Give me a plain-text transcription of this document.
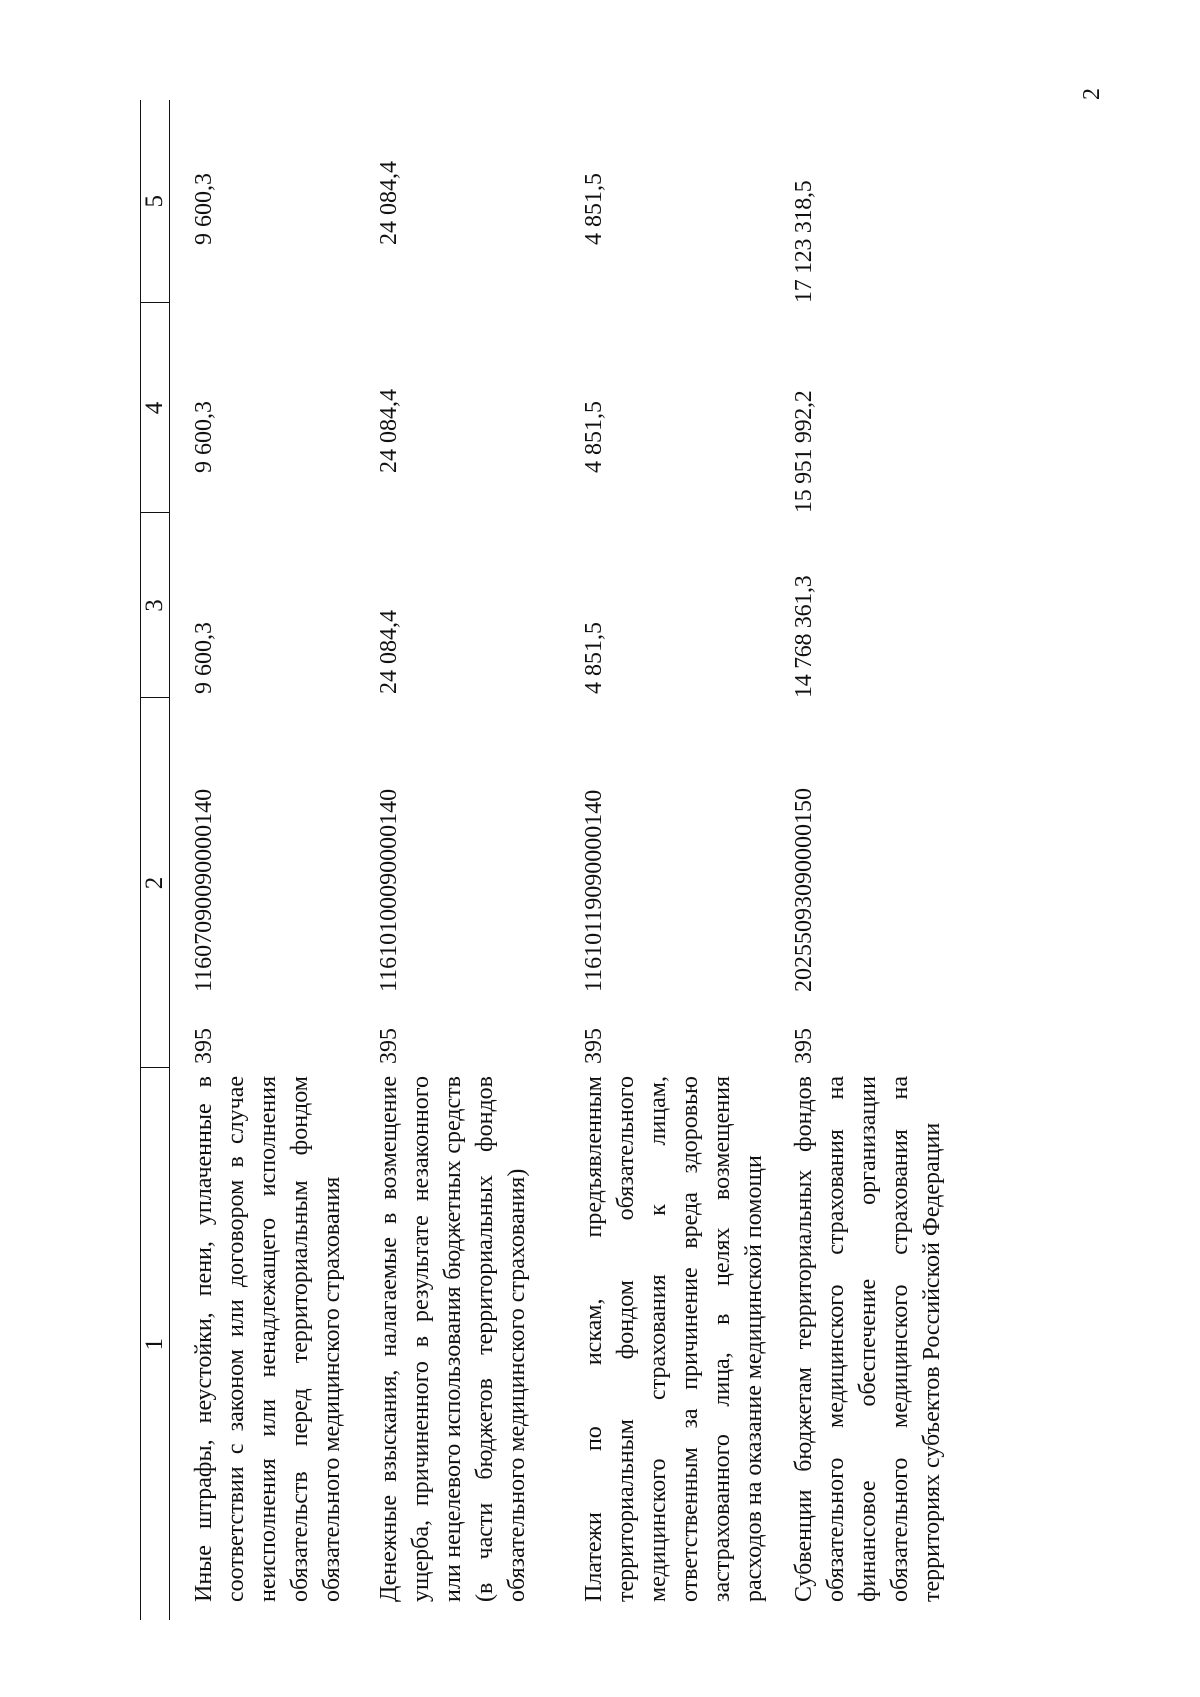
2
1	2		3	4	5
Иные штрафы, неустойки, пени, уплаченные в соответствии с законом или договором в случае неисполнения или ненадлежащего исполнения обязательств перед территориальным фондом обязательного медицинского страхования	395	11607090090000140	9 600,3	9 600,3	9 600,3
Денежные взыскания, налагаемые в возмещение ущерба, причиненного в результате незаконного или нецелевого использования бюджетных средств (в части бюджетов территориальных фондов обязательного медицинского страхования)	395	11610100090000140	24 084,4	24 084,4	24 084,4
Платежи по искам, предъявленным территориальным фондом обязательного медицинского страхования к лицам, ответственным за причинение вреда здоровью застрахованного лица, в целях возмещения расходов на оказание медицинской помощи	395	11610119090000140	4 851,5	4 851,5	4 851,5
Субвенции бюджетам территориальных фондов обязательного медицинского страхования на финансовое обеспечение организации обязательного медицинского страхования на территориях субъектов Российской Федерации	395	20255093090000150	14 768 361,3	15 951 992,2	17 123 318,5
